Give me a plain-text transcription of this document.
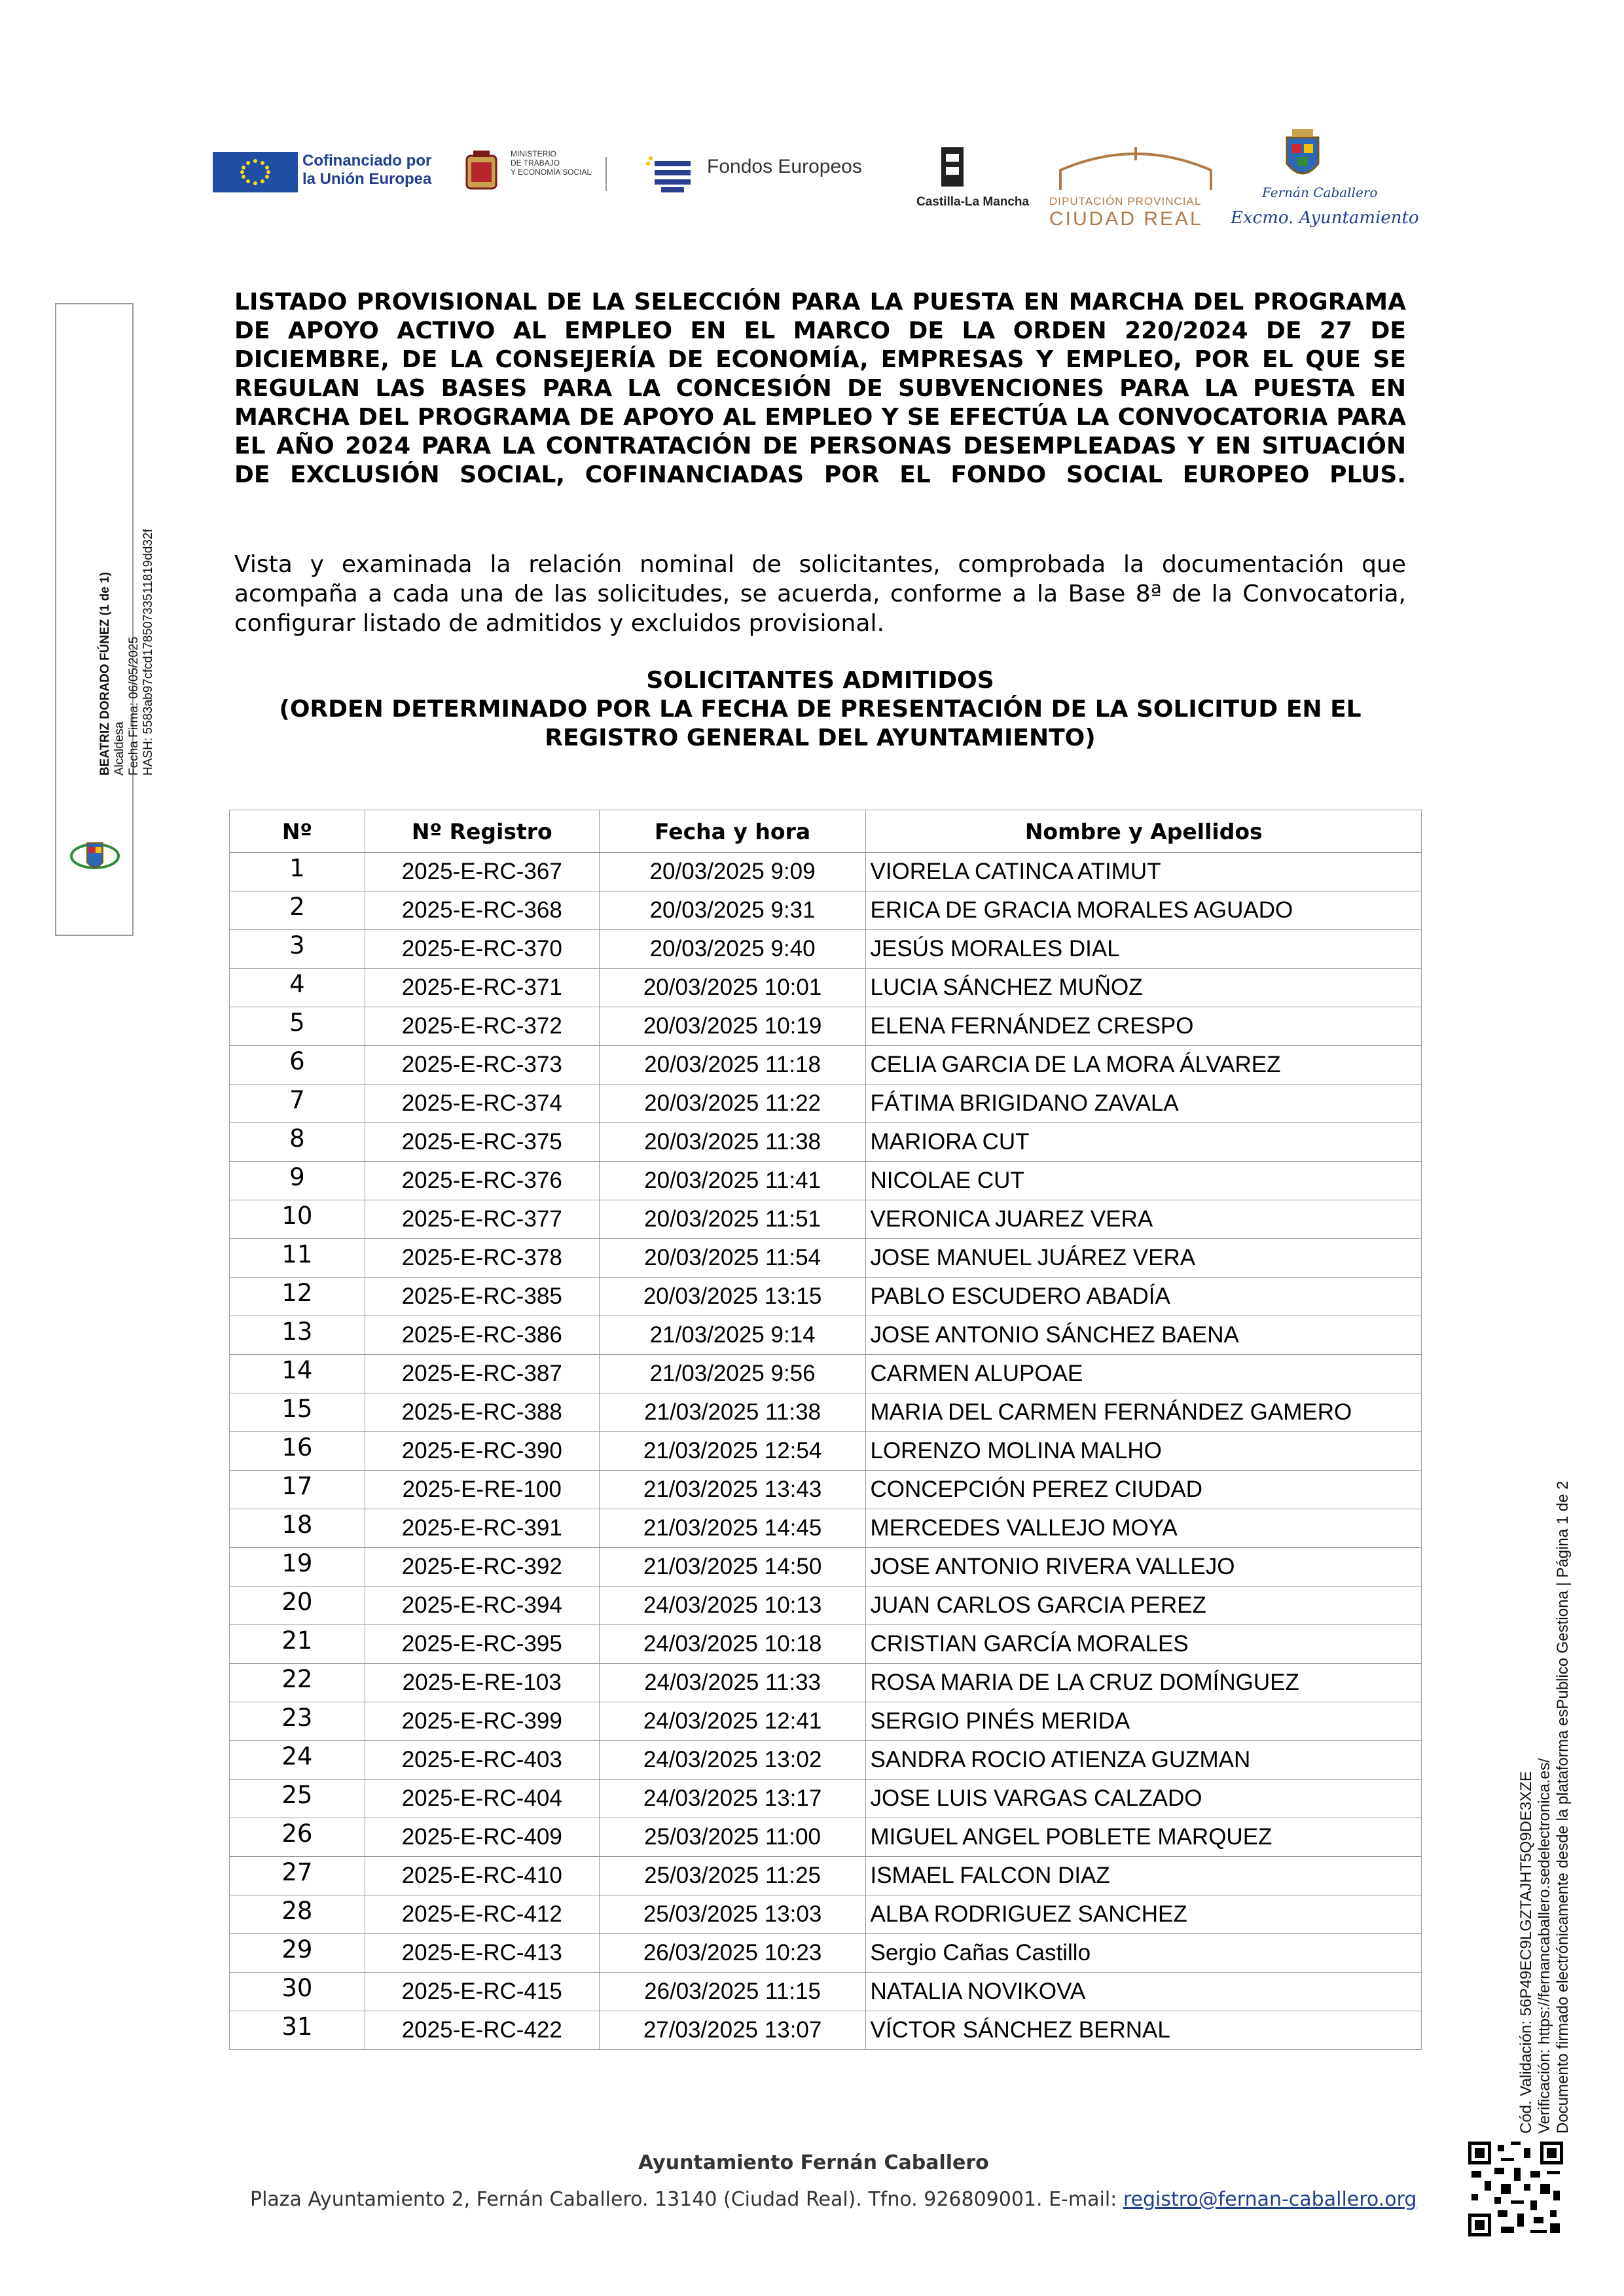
Cofinanciado por
la Unión Europea
MINISTERIO
DE TRABAJO
Y ECONOMÍA SOCIAL	Fondos Europeos
Castilla-La Mancha DIPUTACIÓN PROVINCIAL
CIUDAD REAL
Fernán Caballero
Excmo. Ayuntamiento
BEATRIZ DORADO FÚNEZ (1 de 1) Alcaldesa Fecha Firma: 06/05/2025 HASH: 5583ab97cfcd17850733511819dd32f
Cód. Validación: 56P49EC9LGZTAJHT5Q9DE3XZE Verificación: https://fernancaballero.sedelectronica.es/ Documento firmado electrónicamente desde la plataforma esPublico Gestiona | Página 1 de 2
LISTADO PROVISIONAL DE LA SELECCIÓN PARA LA PUESTA EN MARCHA DEL PROGRAMA DE APOYO ACTIVO AL EMPLEO EN EL MARCO DE LA ORDEN 220/2024 DE 27 DE DICIEMBRE, DE LA CONSEJERÍA DE ECONOMÍA, EMPRESAS Y EMPLEO, POR EL QUE SE REGULAN LAS BASES PARA LA CONCESIÓN DE SUBVENCIONES PARA LA PUESTA EN MARCHA DEL PROGRAMA DE APOYO AL EMPLEO Y SE EFECTÚA LA CONVOCATORIA PARA EL AÑO 2024 PARA LA CONTRATACIÓN DE PERSONAS DESEMPLEADAS Y EN SITUACIÓN DE EXCLUSIÓN SOCIAL, COFINANCIADAS POR EL FONDO SOCIAL EUROPEO PLUS.
Vista y examinada la relación nominal de solicitantes, comprobada la documentación que acompaña a cada una de las solicitudes, se acuerda, conforme a la Base 8ª de la Convocatoria, configurar listado de admitidos y excluidos provisional.
SOLICITANTES ADMITIDOS
(ORDEN DETERMINADO POR LA FECHA DE PRESENTACIÓN DE LA SOLICITUD EN EL REGISTRO GENERAL DEL AYUNTAMIENTO)
Nº	Nº Registro	Fecha y hora	Nombre y Apellidos
1	2025-E-RC-367	20/03/2025 9:09	VIORELA CATINCA ATIMUT
2	2025-E-RC-368	20/03/2025 9:31	ERICA DE GRACIA MORALES AGUADO
3	2025-E-RC-370	20/03/2025 9:40	JESÚS MORALES DIAL
4	2025-E-RC-371	20/03/2025 10:01	LUCIA SÁNCHEZ MUÑOZ
5	2025-E-RC-372	20/03/2025 10:19	ELENA FERNÁNDEZ CRESPO
6	2025-E-RC-373	20/03/2025 11:18	CELIA GARCIA DE LA MORA ÁLVAREZ
7	2025-E-RC-374	20/03/2025 11:22	FÁTIMA BRIGIDANO ZAVALA
8	2025-E-RC-375	20/03/2025 11:38	MARIORA CUT
9	2025-E-RC-376	20/03/2025 11:41	NICOLAE CUT
10	2025-E-RC-377	20/03/2025 11:51	VERONICA JUAREZ VERA
11	2025-E-RC-378	20/03/2025 11:54	JOSE MANUEL JUÁREZ VERA
12	2025-E-RC-385	20/03/2025 13:15	PABLO ESCUDERO ABADÍA
13	2025-E-RC-386	21/03/2025 9:14	JOSE ANTONIO SÁNCHEZ BAENA
14	2025-E-RC-387	21/03/2025 9:56	CARMEN ALUPOAE
15	2025-E-RC-388	21/03/2025 11:38	MARIA DEL CARMEN FERNÁNDEZ GAMERO
16	2025-E-RC-390	21/03/2025 12:54	LORENZO MOLINA MALHO
17	2025-E-RE-100	21/03/2025 13:43	CONCEPCIÓN PEREZ CIUDAD
18	2025-E-RC-391	21/03/2025 14:45	MERCEDES VALLEJO MOYA
19	2025-E-RC-392	21/03/2025 14:50	JOSE ANTONIO RIVERA VALLEJO
20	2025-E-RC-394	24/03/2025 10:13	JUAN CARLOS GARCIA PEREZ
21	2025-E-RC-395	24/03/2025 10:18	CRISTIAN GARCÍA MORALES
22	2025-E-RE-103	24/03/2025 11:33	ROSA MARIA DE LA CRUZ DOMÍNGUEZ
23	2025-E-RC-399	24/03/2025 12:41	SERGIO PINÉS MERIDA
24	2025-E-RC-403	24/03/2025 13:02	SANDRA ROCIO ATIENZA GUZMAN
25	2025-E-RC-404	24/03/2025 13:17	JOSE LUIS VARGAS CALZADO
26	2025-E-RC-409	25/03/2025 11:00	MIGUEL ANGEL POBLETE MARQUEZ
27	2025-E-RC-410	25/03/2025 11:25	ISMAEL FALCON DIAZ
28	2025-E-RC-412	25/03/2025 13:03	ALBA RODRIGUEZ SANCHEZ
29	2025-E-RC-413	26/03/2025 10:23	Sergio Cañas Castillo
30	2025-E-RC-415	26/03/2025 11:15	NATALIA NOVIKOVA
31	2025-E-RC-422	27/03/2025 13:07	VÍCTOR SÁNCHEZ BERNAL
Ayuntamiento Fernán Caballero
Plaza Ayuntamiento 2, Fernán Caballero. 13140 (Ciudad Real). Tfno. 926809001. E-mail: registro@fernan-caballero.org
